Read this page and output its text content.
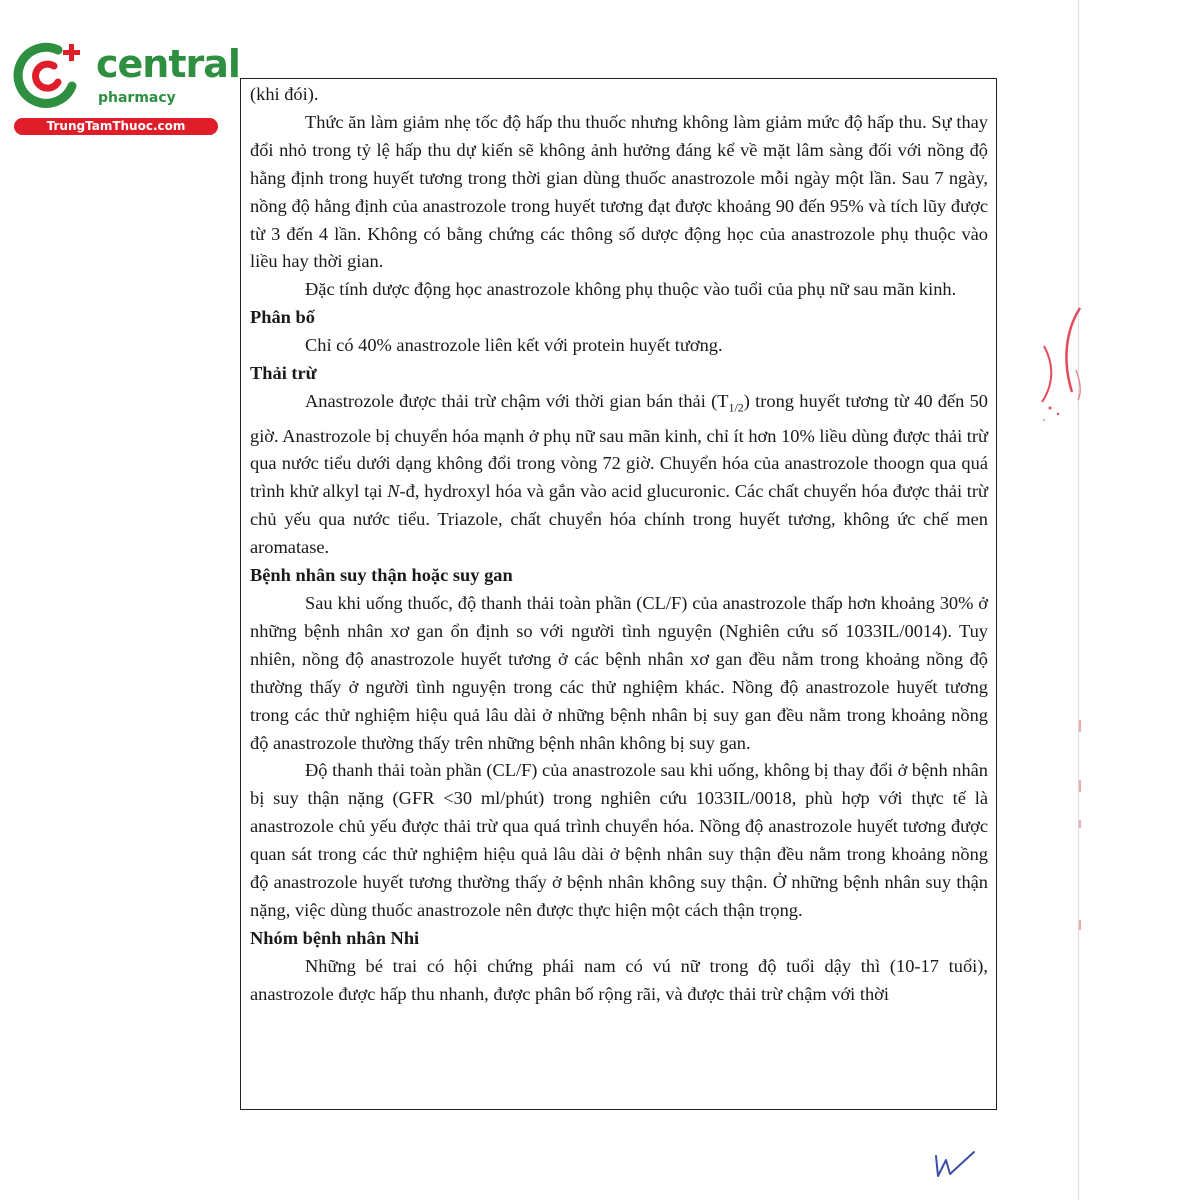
central
pharmacy
TrungTamThuoc.com

(khi đói).

Thức ăn làm giảm nhẹ tốc độ hấp thu thuốc nhưng không làm giảm mức độ hấp thu. Sự thay đổi nhỏ trong tỷ lệ hấp thu dự kiến sẽ không ảnh hưởng đáng kể về mặt lâm sàng đối với nồng độ hằng định trong huyết tương trong thời gian dùng thuốc anastrozole mỗi ngày một lần. Sau 7 ngày, nồng độ hằng định của anastrozole trong huyết tương đạt được khoảng 90 đến 95% và tích lũy được từ 3 đến 4 lần. Không có bằng chứng các thông số dược động học của anastrozole phụ thuộc vào liều hay thời gian.

Đặc tính dược động học anastrozole không phụ thuộc vào tuổi của phụ nữ sau mãn kinh.

Phân bố

Chỉ có 40% anastrozole liên kết với protein huyết tương.

Thải trừ

Anastrozole được thải trừ chậm với thời gian bán thải $(T_{1/2})$ trong huyết tương từ 40 đến 50 giờ. Anastrozole bị chuyển hóa mạnh ở phụ nữ sau mãn kinh, chỉ ít hơn 10% liều dùng được thải trừ qua nước tiểu dưới dạng không đổi trong vòng 72 giờ. Chuyển hóa của anastrozole thoogn qua quá trình khử alkyl tại N-đ, hydroxyl hóa và gắn vào acid glucuronic. Các chất chuyển hóa được thải trừ chủ yếu qua nước tiểu. Triazole, chất chuyển hóa chính trong huyết tương, không ức chế men aromatase.

Bệnh nhân suy thận hoặc suy gan

Sau khi uống thuốc, độ thanh thải toàn phần (CL/F) của anastrozole thấp hơn khoảng 30% ở những bệnh nhân xơ gan ổn định so với người tình nguyện (Nghiên cứu số 1033IL/0014). Tuy nhiên, nồng độ anastrozole huyết tương ở các bệnh nhân xơ gan đều nằm trong khoảng nồng độ thường thấy ở người tình nguyện trong các thử nghiệm khác. Nồng độ anastrozole huyết tương trong các thử nghiệm hiệu quả lâu dài ở những bệnh nhân bị suy gan đều nằm trong khoảng nồng độ anastrozole thường thấy trên những bệnh nhân không bị suy gan.

Độ thanh thải toàn phần (CL/F) của anastrozole sau khi uống, không bị thay đổi ở bệnh nhân bị suy thận nặng (GFR <30 ml/phút) trong nghiên cứu 1033IL/0018, phù hợp với thực tế là anastrozole chủ yếu được thải trừ qua quá trình chuyển hóa. Nồng độ anastrozole huyết tương được quan sát trong các thử nghiệm hiệu quả lâu dài ở bệnh nhân suy thận đều nằm trong khoảng nồng độ anastrozole huyết tương thường thấy ở bệnh nhân không suy thận. Ở những bệnh nhân suy thận nặng, việc dùng thuốc anastrozole nên được thực hiện một cách thận trọng.

Nhóm bệnh nhân Nhi

Những bé trai có hội chứng phái nam có vú nữ trong độ tuổi dậy thì (10-17 tuổi), anastrozole được hấp thu nhanh, được phân bố rộng rãi, và được thải trừ chậm với thời
